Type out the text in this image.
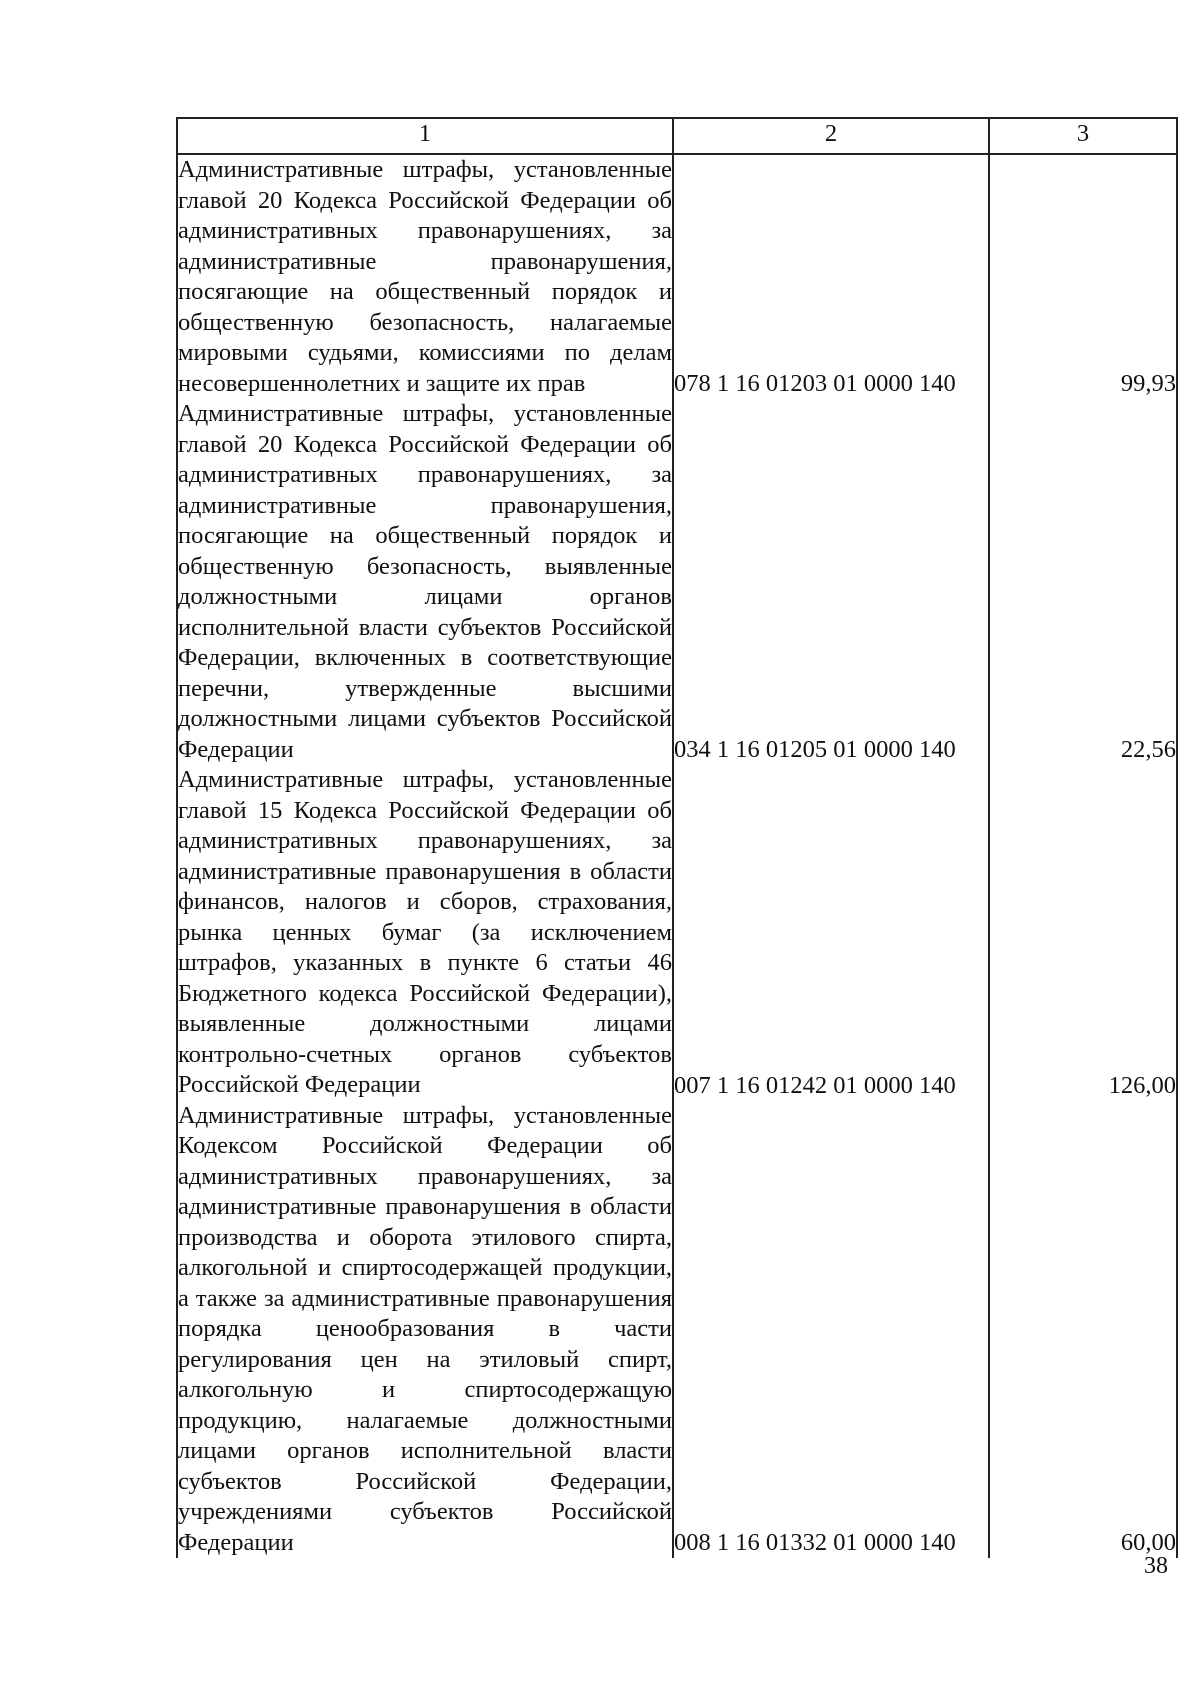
1	2	3
Административные штрафы, установленные главой 20 Кодекса Российской Федерации об административных правонарушениях, за административные правонарушения, посягающие на общественный порядок и общественную безопасность, налагаемые мировыми судьями, комиссиями по делам несовершеннолетних и защите их прав	078 1 16 01203 01 0000 140	99,93
Административные штрафы, установленные главой 20 Кодекса Российской Федерации об административных правонарушениях, за административные правонарушения, посягающие на общественный порядок и общественную безопасность, выявленные должностными лицами органов исполнительной власти субъектов Российской Федерации, включенных в соответствующие перечни, утвержденные высшими должностными лицами субъектов Российской Федерации	034 1 16 01205 01 0000 140	22,56
Административные штрафы, установленные главой 15 Кодекса Российской Федерации об административных правонарушениях, за административные правонарушения в области финансов, налогов и сборов, страхования, рынка ценных бумаг (за исключением штрафов, указанных в пункте 6 статьи 46 Бюджетного кодекса Российской Федерации), выявленные должностными лицами контрольно-счетных органов субъектов Российской Федерации	007 1 16 01242 01 0000 140	126,00
Административные штрафы, установленные Кодексом Российской Федерации об административных правонарушениях, за административные правонарушения в области производства и оборота этилового спирта, алкогольной и спиртосодержащей продукции, а также за административные правонарушения порядка ценообразования в части регулирования цен на этиловый спирт, алкогольную и спиртосодержащую продукцию, налагаемые должностными лицами органов исполнительной власти субъектов Российской Федерации, учреждениями субъектов Российской Федерации	008 1 16 01332 01 0000 140	60,00
38
